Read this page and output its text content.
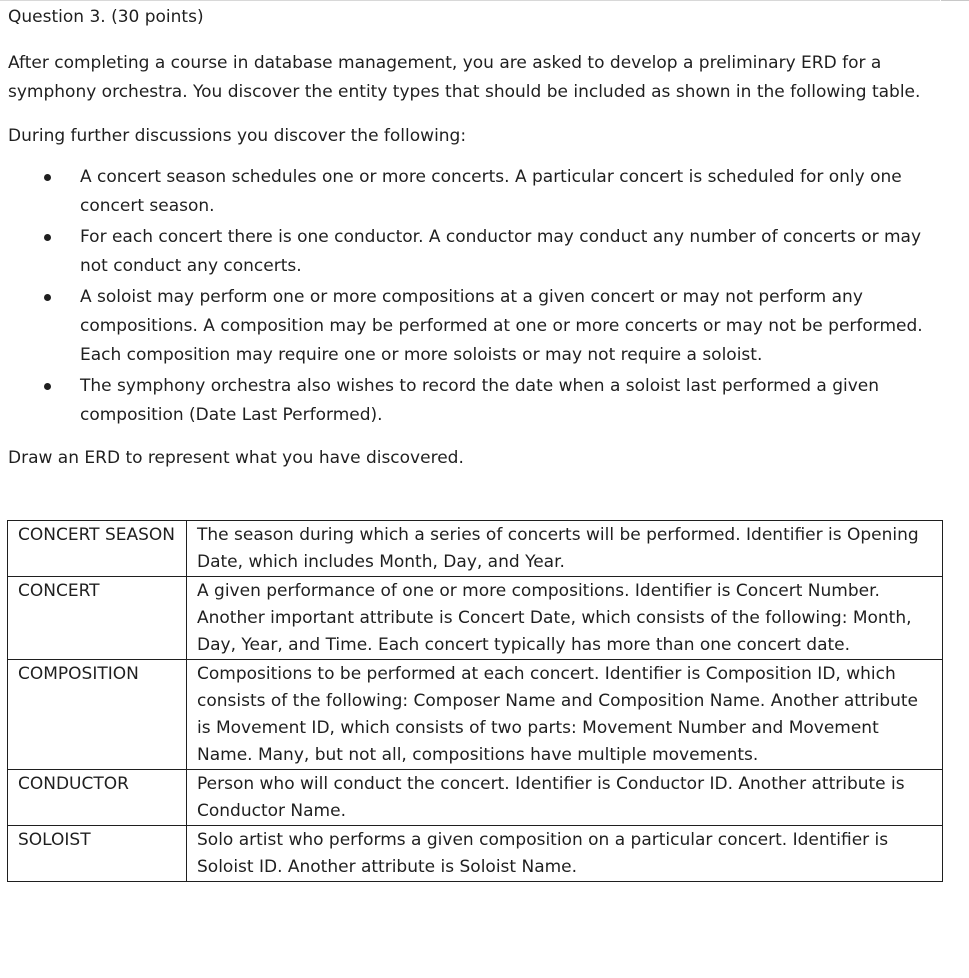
Question 3. (30 points)

After completing a course in database management, you are asked to develop a preliminary ERD for a symphony orchestra. You discover the entity types that should be included as shown in the following table.

During further discussions you discover the following:

A concert season schedules one or more concerts. A particular concert is scheduled for only one concert season.
For each concert there is one conductor. A conductor may conduct any number of concerts or may not conduct any concerts.
A soloist may perform one or more compositions at a given concert or may not perform any compositions. A composition may be performed at one or more concerts or may not be performed. Each composition may require one or more soloists or may not require a soloist.
The symphony orchestra also wishes to record the date when a soloist last performed a given composition (Date Last Performed).

Draw an ERD to represent what you have discovered.

CONCERT SEASON	The season during which a series of concerts will be performed. Identifier is Opening Date, which includes Month, Day, and Year.
CONCERT	A given performance of one or more compositions. Identifier is Concert Number. Another important attribute is Concert Date, which consists of the following: Month, Day, Year, and Time. Each concert typically has more than one concert date.
COMPOSITION	Compositions to be performed at each concert. Identifier is Composition ID, which consists of the following: Composer Name and Composition Name. Another attribute is Movement ID, which consists of two parts: Movement Number and Movement Name. Many, but not all, compositions have multiple movements.
CONDUCTOR	Person who will conduct the concert. Identifier is Conductor ID. Another attribute is Conductor Name.
SOLOIST	Solo artist who performs a given composition on a particular concert. Identifier is Soloist ID. Another attribute is Soloist Name.
